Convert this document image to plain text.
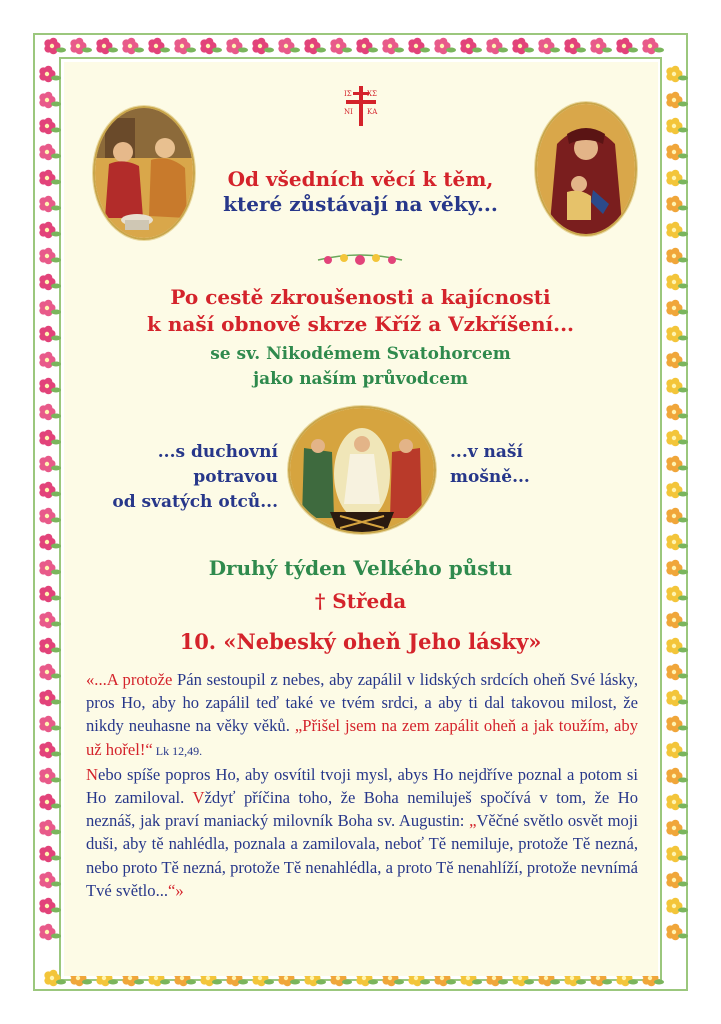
ΙΣ ΧΣ
ΝΙ ΚΑ
Od všedních věcí k těm,
které zůstávají na věky...
Po cestě zkroušenosti a kajícnosti
k naší obnově skrze Kříž a Vzkříšení...
se sv. Nikodémem Svatohorcem
jako naším průvodcem
...s duchovní
potravou
od svatých otců...
...v naší
mošně...
Druhý týden Velkého půstu
† Středa
10. «Nebeský oheň Jeho lásky»
«...A protože Pán sestoupil z nebes, aby zapálil v lidských srdcích oheň Své lásky, pros Ho, aby ho zapálil teď také ve tvém srdci, a aby ti dal takovou milost, že nikdy neuhasne na věky věků. „Přišel jsem na zem zapálit oheň a jak toužím, aby už hořel!“ Lk 12,49.
Nebo spíše popros Ho, aby osvítil tvoji mysl, abys Ho nejdříve poznal a potom si Ho zamiloval. Vždyť příčina toho, že Boha nemiluješ spočívá v tom, že Ho neznáš, jak praví maniacký milovník Boha sv. Augustin: „Věčné světlo osvět moji duši, aby tě nahlédla, poznala a zamilovala, neboť Tě nemiluje, protože Tě nezná, nebo proto Tě nezná, protože Tě nenahlédla, a proto Tě nenahlíží, protože nevnímá Tvé světlo...“»
